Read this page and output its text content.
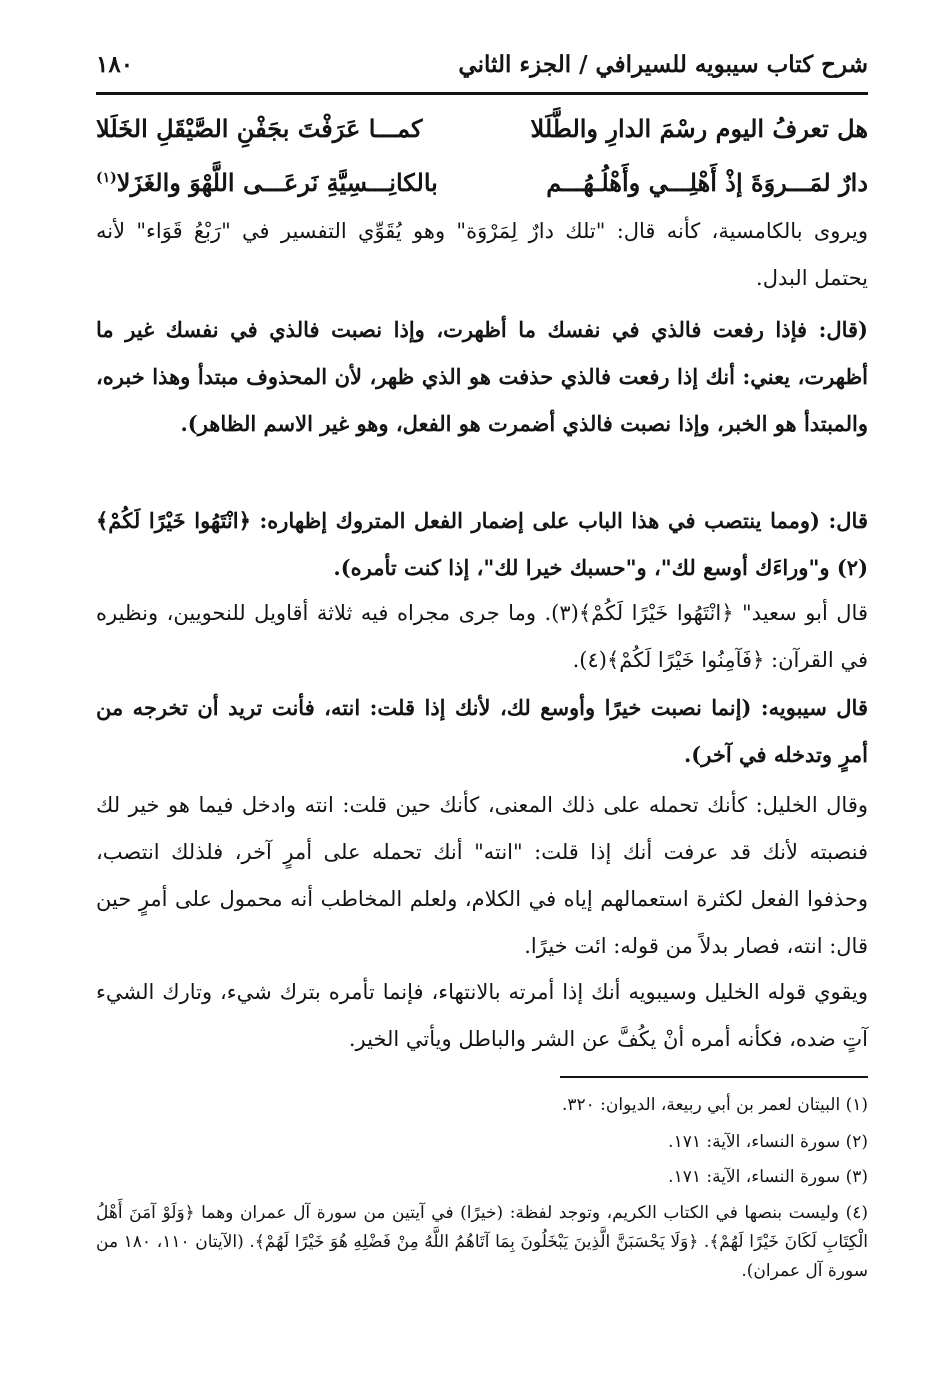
شرح كتاب سيبويه للسيرافي / الجزء الثاني
١٨٠
هل تعرفُ اليوم رسْمَ الدارِ والطَّلَلا
كمـــا عَرَفْتَ بجَفْنِ الصَّيْقَلِ الخَلَلا
دارٌ لمَـــروَةَ إذْ أَهْلِـــي وأَهْلُـهُـــم
بالكانِـــسِيَّةِ نَرعَـــى اللَّهْوَ والغَزَلا$^{(١)}$

ويروى بالكامسية، كأنه قال: "تلك دارٌ لِمَرْوَة" وهو يُقَوِّي التفسير في "رَبْعُ قَوَاء" لأنه يحتمل البدل.

(قال: فإذا رفعت فالذي في نفسك ما أظهرت، وإذا نصبت فالذي في نفسك غير ما أظهرت، يعني: أنك إذا رفعت فالذي حذفت هو الذي ظهر، لأن المحذوف مبتدأ وهذا خبره، والمبتدأ هو الخبر، وإذا نصبت فالذي أضمرت هو الفعل، وهو غير الاسم الظاهر).

قال: (ومما ينتصب في هذا الباب على إضمار الفعل المتروك إظهاره: ﴿انْتَهُوا خَيْرًا لَكُمْ﴾(٢) و"وراءَك أوسع لك"، و"حسبك خيرا لك"، إذا كنت تأمره).

قال أبو سعيد" ﴿انْتَهُوا خَيْرًا لَكُمْ﴾(٣). وما جرى مجراه فيه ثلاثة أقاويل للنحويين، ونظيره في القرآن: ﴿فَآمِنُوا خَيْرًا لَكُمْ﴾(٤).

قال سيبويه: (إنما نصبت خيرًا وأوسع لك، لأنك إذا قلت: انته، فأنت تريد أن تخرجه من أمرٍ وتدخله في آخر).

وقال الخليل: كأنك تحمله على ذلك المعنى، كأنك حين قلت: انته وادخل فيما هو خير لك فنصبته لأنك قد عرفت أنك إذا قلت: "انته" أنك تحمله على أمرٍ آخر، فلذلك انتصب، وحذفوا الفعل لكثرة استعمالهم إياه في الكلام، ولعلم المخاطب أنه محمول على أمرٍ حين قال: انته، فصار بدلاً من قوله: ائت خيرًا.

ويقوي قوله الخليل وسيبويه أنك إذا أمرته بالانتهاء، فإنما تأمره بترك شيء، وتارك الشيء آتٍ ضده، فكأنه أمره أنْ يكُفَّ عن الشر والباطل ويأتي الخير.

(١) البيتان لعمر بن أبي ربيعة، الديوان: ٣٢٠.

(٢) سورة النساء، الآية: ١٧١.

(٣) سورة النساء، الآية: ١٧١.

(٤) وليست بنصها في الكتاب الكريم، وتوجد لفظة: (خيرًا) في آيتين من سورة آل عمران وهما ﴿وَلَوْ آمَنَ أَهْلُ الْكِتَابِ لَكَانَ خَيْرًا لَهُمْ﴾. ﴿وَلَا يَحْسَبَنَّ الَّذِينَ يَبْخَلُونَ بِمَا آتَاهُمُ اللَّهُ مِنْ فَضْلِهِ هُوَ خَيْرًا لَهُمْ﴾. (الآيتان ١١٠، ١٨٠ من سورة آل عمران).
